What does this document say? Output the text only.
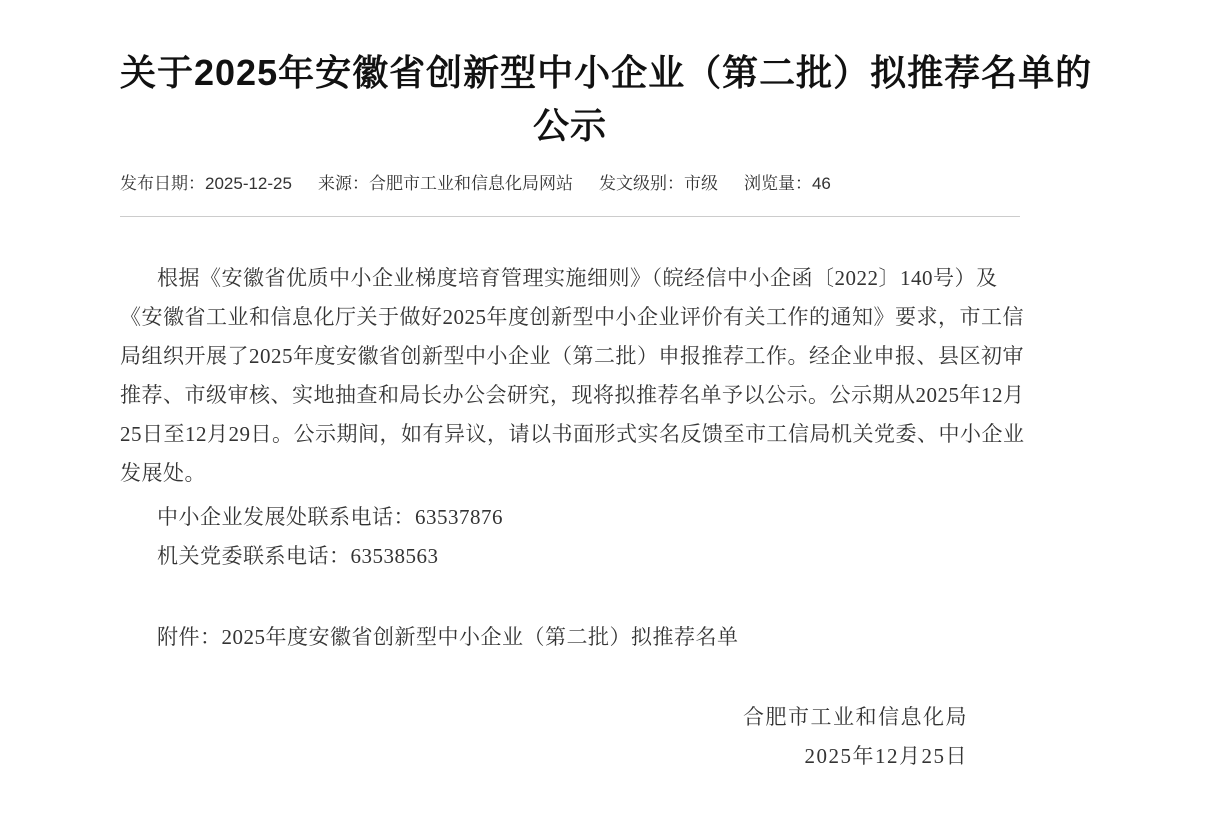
关于2025年安徽省创新型中小企业（第二批）拟推荐名单的
公示
发布日期： 2025-12-25 来源： 合肥市工业和信息化局网站 发文级别： 市级 浏览量： 46
根据《安徽省优质中小企业梯度培育管理实施细则》（皖经信中小企函〔2022〕140号）及
《安徽省工业和信息化厅关于做好2025年度创新型中小企业评价有关工作的通知》要求，市工信
局组织开展了2025年度安徽省创新型中小企业（第二批）申报推荐工作。经企业申报、县区初审
推荐、市级审核、实地抽查和局长办公会研究，现将拟推荐名单予以公示。公示期从2025年12月
25日至12月29日。公示期间，如有异议，请以书面形式实名反馈至市工信局机关党委、中小企业
发展处。
中小企业发展处联系电话：63537876
机关党委联系电话：63538563
附件：2025年度安徽省创新型中小企业（第二批）拟推荐名单
合肥市工业和信息化局
2025年12月25日
